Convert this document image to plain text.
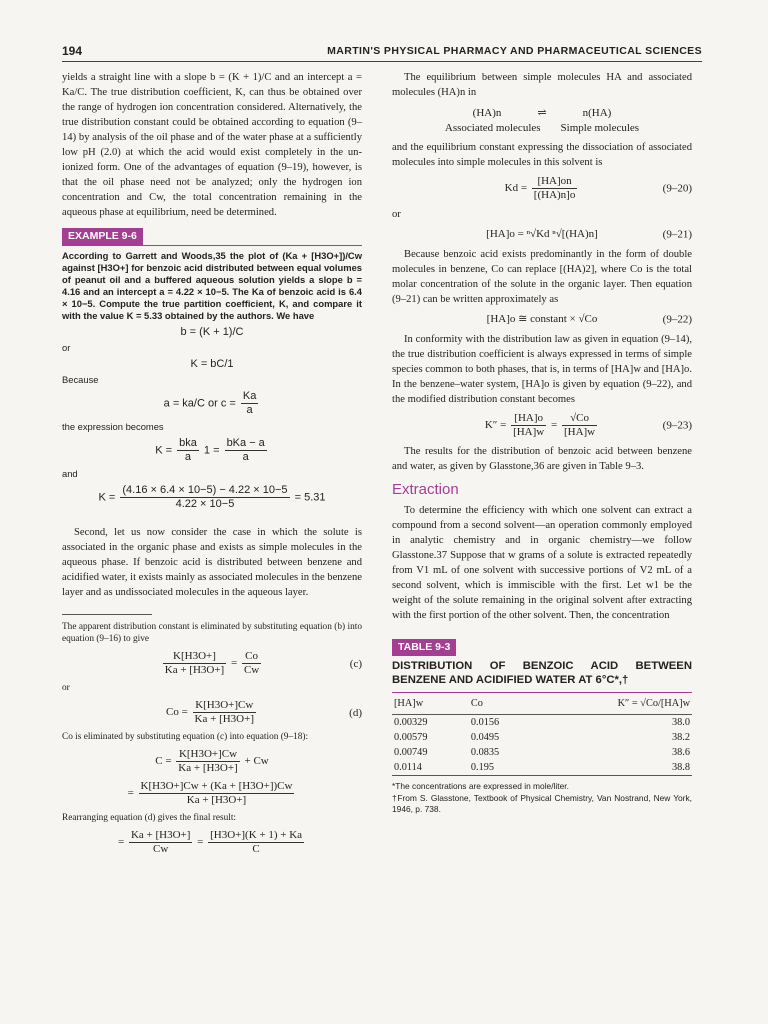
194	MARTIN'S PHYSICAL PHARMACY AND PHARMACEUTICAL SCIENCES

yields a straight line with a slope b = (K + 1)/C and an intercept a = Ka/C. The true distribution coefficient, K, can thus be obtained over the range of hydrogen ion concentration considered. Alternatively, the true distribution constant could be obtained according to equation (9–14) by analysis of the oil phase and of the water phase at a sufficiently low pH (2.0) at which the acid would exist completely in the un-ionized form. One of the advantages of equation (9–19), however, is that the oil phase need not be analyzed; only the hydrogen ion concentration and Cw, the total concentration remaining in the aqueous phase at equilibrium, need be determined.

EXAMPLE 9-6

According to Garrett and Woods,35 the plot of (Ka + [H3O+])/Cw against [H3O+] for benzoic acid distributed between equal volumes of peanut oil and a buffered aqueous solution yields a slope b = 4.16 and an intercept a = 4.22 × 10−5. The Ka of benzoic acid is 6.4 × 10−5. Compute the true partition coefficient, K, and compare it with the value K = 5.33 obtained by the authors. We have

b = (K + 1)/C

or

K = bC/1

Because

a = ka/C or $c = \frac{Ka}{a}$

the expression becomes

$K = \frac{\text{bka}}{a} 1 = \frac{\text{bKa − a}}{a}$

and

$K = \frac{(4.16 \times 6.4 \times 10-5) - 4.22 \times 10-5}{4.22 \times 10-5} = 5.31$

Second, let us now consider the case in which the solute is associated in the organic phase and exists as simple molecules in the aqueous phase. If benzoic acid is distributed between benzene and acidified water, it exists mainly as associated molecules in the benzene layer and as undissociated molecules in the aqueous layer.

The apparent distribution constant is eliminated by substituting equation (b) into equation (9–16) to give

$\frac{K[H3O+]}{Ka + [H3O+]} = \frac{Co}{Cw}$	(c)

or

$Co = \frac{K[H3O+]Cw}{Ka + [H3O+]}$	(d)

Co is eliminated by substituting equation (c) into equation (9–18):

$C = \frac{K[H3O+]Cw}{Ka + [H3O+]} + Cw$
= $\frac{K[H3O+]Cw + (Ka + [H3O+])Cw}{Ka + [H3O+]}$

Rearranging equation (d) gives the final result:

= $\frac{Ka + [H3O+]}{Cw} = \frac{[H3O+](K + 1) + Ka}{C}$

The equilibrium between simple molecules HA and associated molecules (HA)n in

(HA)n	⇌	n(HA)
Associated molecules Simple molecules

and the equilibrium constant expressing the dissociation of associated molecules into simple molecules in this solvent is

$Kd = \frac{[HA]on}{[(HA)n]o}$	(9–20)

or

[HA]o = ⁿ√Kd ⁿ√[(HA)n]	(9–21)

Because benzoic acid exists predominantly in the form of double molecules in benzene, Co can replace [(HA)2], where Co is the total molar concentration of the solute in the organic layer. Then equation (9–21) can be written approximately as

[HA]o ≅ constant × √Co	(9–22)

In conformity with the distribution law as given in equation (9–14), the true distribution coefficient is always expressed in terms of simple species common to both phases, that is, in terms of [HA]w and [HA]o. In the benzene–water system, [HA]o is given by equation (9–22), and the modified distribution constant becomes

$K'' = \frac{[HA]o}{[HA]w} = \frac{√Co}{[HA]w}$	(9–23)

The results for the distribution of benzoic acid between benzene and water, as given by Glasstone,36 are given in Table 9–3.

Extraction

To determine the efficiency with which one solvent can extract a compound from a second solvent—an operation commonly employed in analytic chemistry and in organic chemistry—we follow Glasstone.37 Suppose that w grams of a solute is extracted repeatedly from V1 mL of one solvent with successive portions of V2 mL of a second solvent, which is immiscible with the first. Let w1 be the weight of the solute remaining in the original solvent after extracting with the first portion of the other solvent. Then, the concentration

TABLE 9-3
DISTRIBUTION OF BENZOIC ACID BETWEEN BENZENE AND ACIDIFIED WATER AT 6°C*,†
[HA]w	Co	K″ = √Co/[HA]w
0.00329	0.0156	38.0
0.00579	0.0495	38.2
0.00749	0.0835	38.6
0.0114	0.195	38.8
*The concentrations are expressed in mole/liter.
†From S. Glasstone, Textbook of Physical Chemistry, Van Nostrand, New York, 1946, p. 738.
